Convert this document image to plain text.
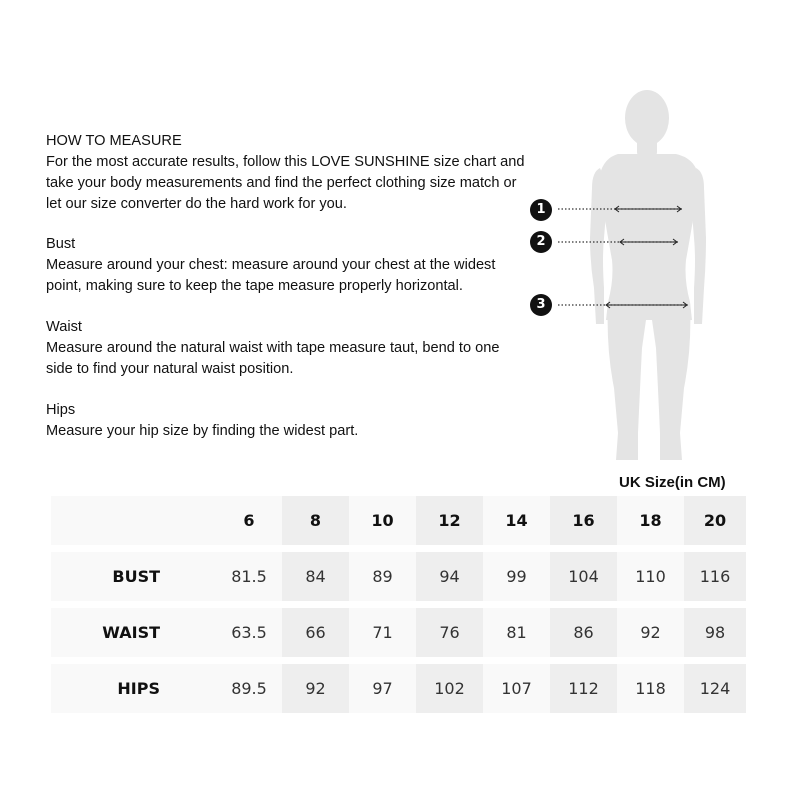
HOW TO MEASURE

For the most accurate results, follow this LOVE SUNSHINE size chart and take your body measurements and find the perfect clothing size match or let our size converter do the hard work for you.

Bust

Measure around your chest: measure around your chest at the widest point, making sure to keep the tape measure properly horizontal.

Waist

Measure around the natural waist with tape measure taut, bend to one side to find your natural waist position.

Hips

Measure your hip size by finding the widest part.

1
2
3
UK Size(in CM)
	6	8	10	12	14	16	18	20
BUST	81.5	84	89	94	99	104	110	116
WAIST	63.5	66	71	76	81	86	92	98
HIPS	89.5	92	97	102	107	112	118	124
